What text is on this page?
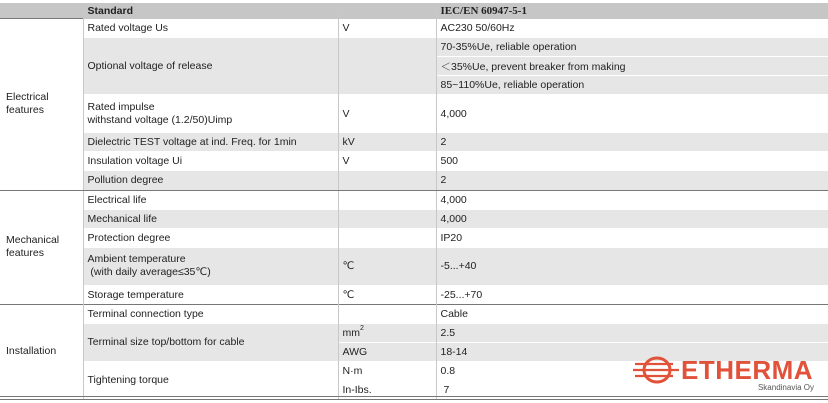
	Standard		IEC/EN 60947-5-1
Electrical features	Rated voltage Us	V	AC230 50/60Hz
	Optional voltage of release		70-35%Ue, reliable operation
			＜35%Ue, prevent breaker from making
			85~110%Ue, reliable operation

	Rated impulse
withstand voltage (1.2/50)Uimp	V	4,000
	Dielectric TEST voltage at ind. Freq. for 1min	kV	2
	Insulation voltage Ui	V	500
	Pollution degree		2

Mechanical features	Electrical life		4,000
	Mechanical life		4,000
	Protection degree		IP20

	Ambient temperature
(with daily average≤35℃)	℃	-5...+40
	Storage temperature	℃	-25...+70
Installation	Terminal connection type		Cable
	Terminal size top/bottom for cable	$mm^2$	2.5
		AWG	18-14
	Tightening torque	N·m	0.8
		In-Ibs.	7
ETHERMA
Skandinavia Oy
